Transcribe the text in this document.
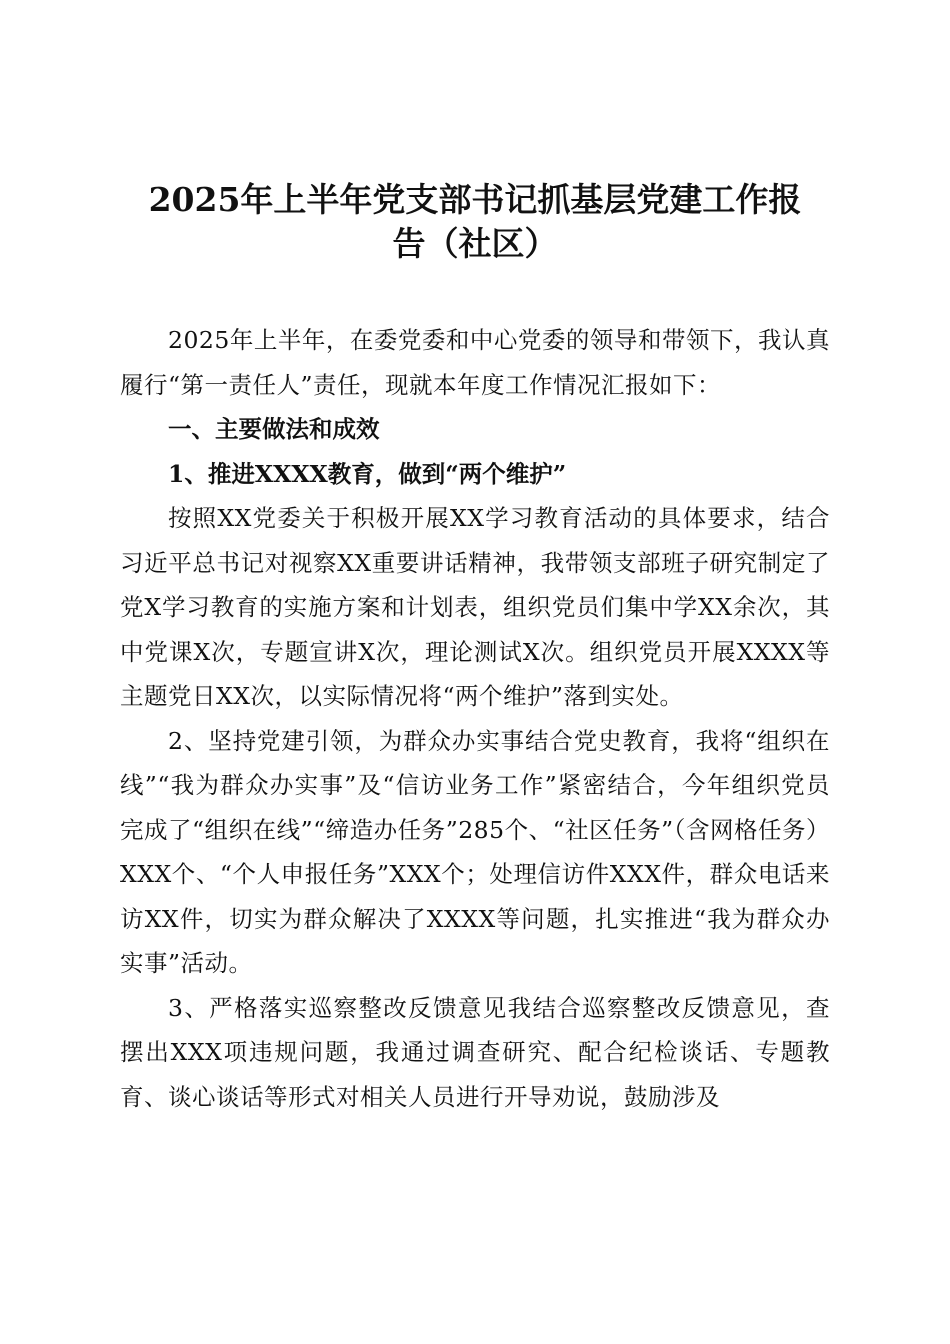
2025年上半年党支部书记抓基层党建工作报
告（社区）

2025年上半年，在委党委和中心党委的领导和带领下，我认真履行“第一责任人”责任，现就本年度工作情况汇报如下：

一、主要做法和成效

1、推进XXXX教育，做到“两个维护”

按照XX党委关于积极开展XX学习教育活动的具体要求，结合习近平总书记对视察XX重要讲话精神，我带领支部班子研究制定了党X学习教育的实施方案和计划表，组织党员们集中学XX余次，其中党课X次，专题宣讲X次，理论测试X次。组织党员开展XXXX等主题党日XX次，以实际情况将“两个维护”落到实处。

2、坚持党建引领，为群众办实事结合党史教育，我将“组织在线”“我为群众办实事”及“信访业务工作”紧密结合，今年组织党员完成了“组织在线”“缔造办任务”285个、“社区任务”（含网格任务）XXX个、“个人申报任务”XXX个；处理信访件XXX件，群众电话来访XX件，切实为群众解决了XXXX等问题，扎实推进“我为群众办实事”活动。

3、严格落实巡察整改反馈意见我结合巡察整改反馈意见，查摆出XXX项违规问题，我通过调查研究、配合纪检谈话、专题教育、谈心谈话等形式对相关人员进行开导劝说，鼓励涉及
